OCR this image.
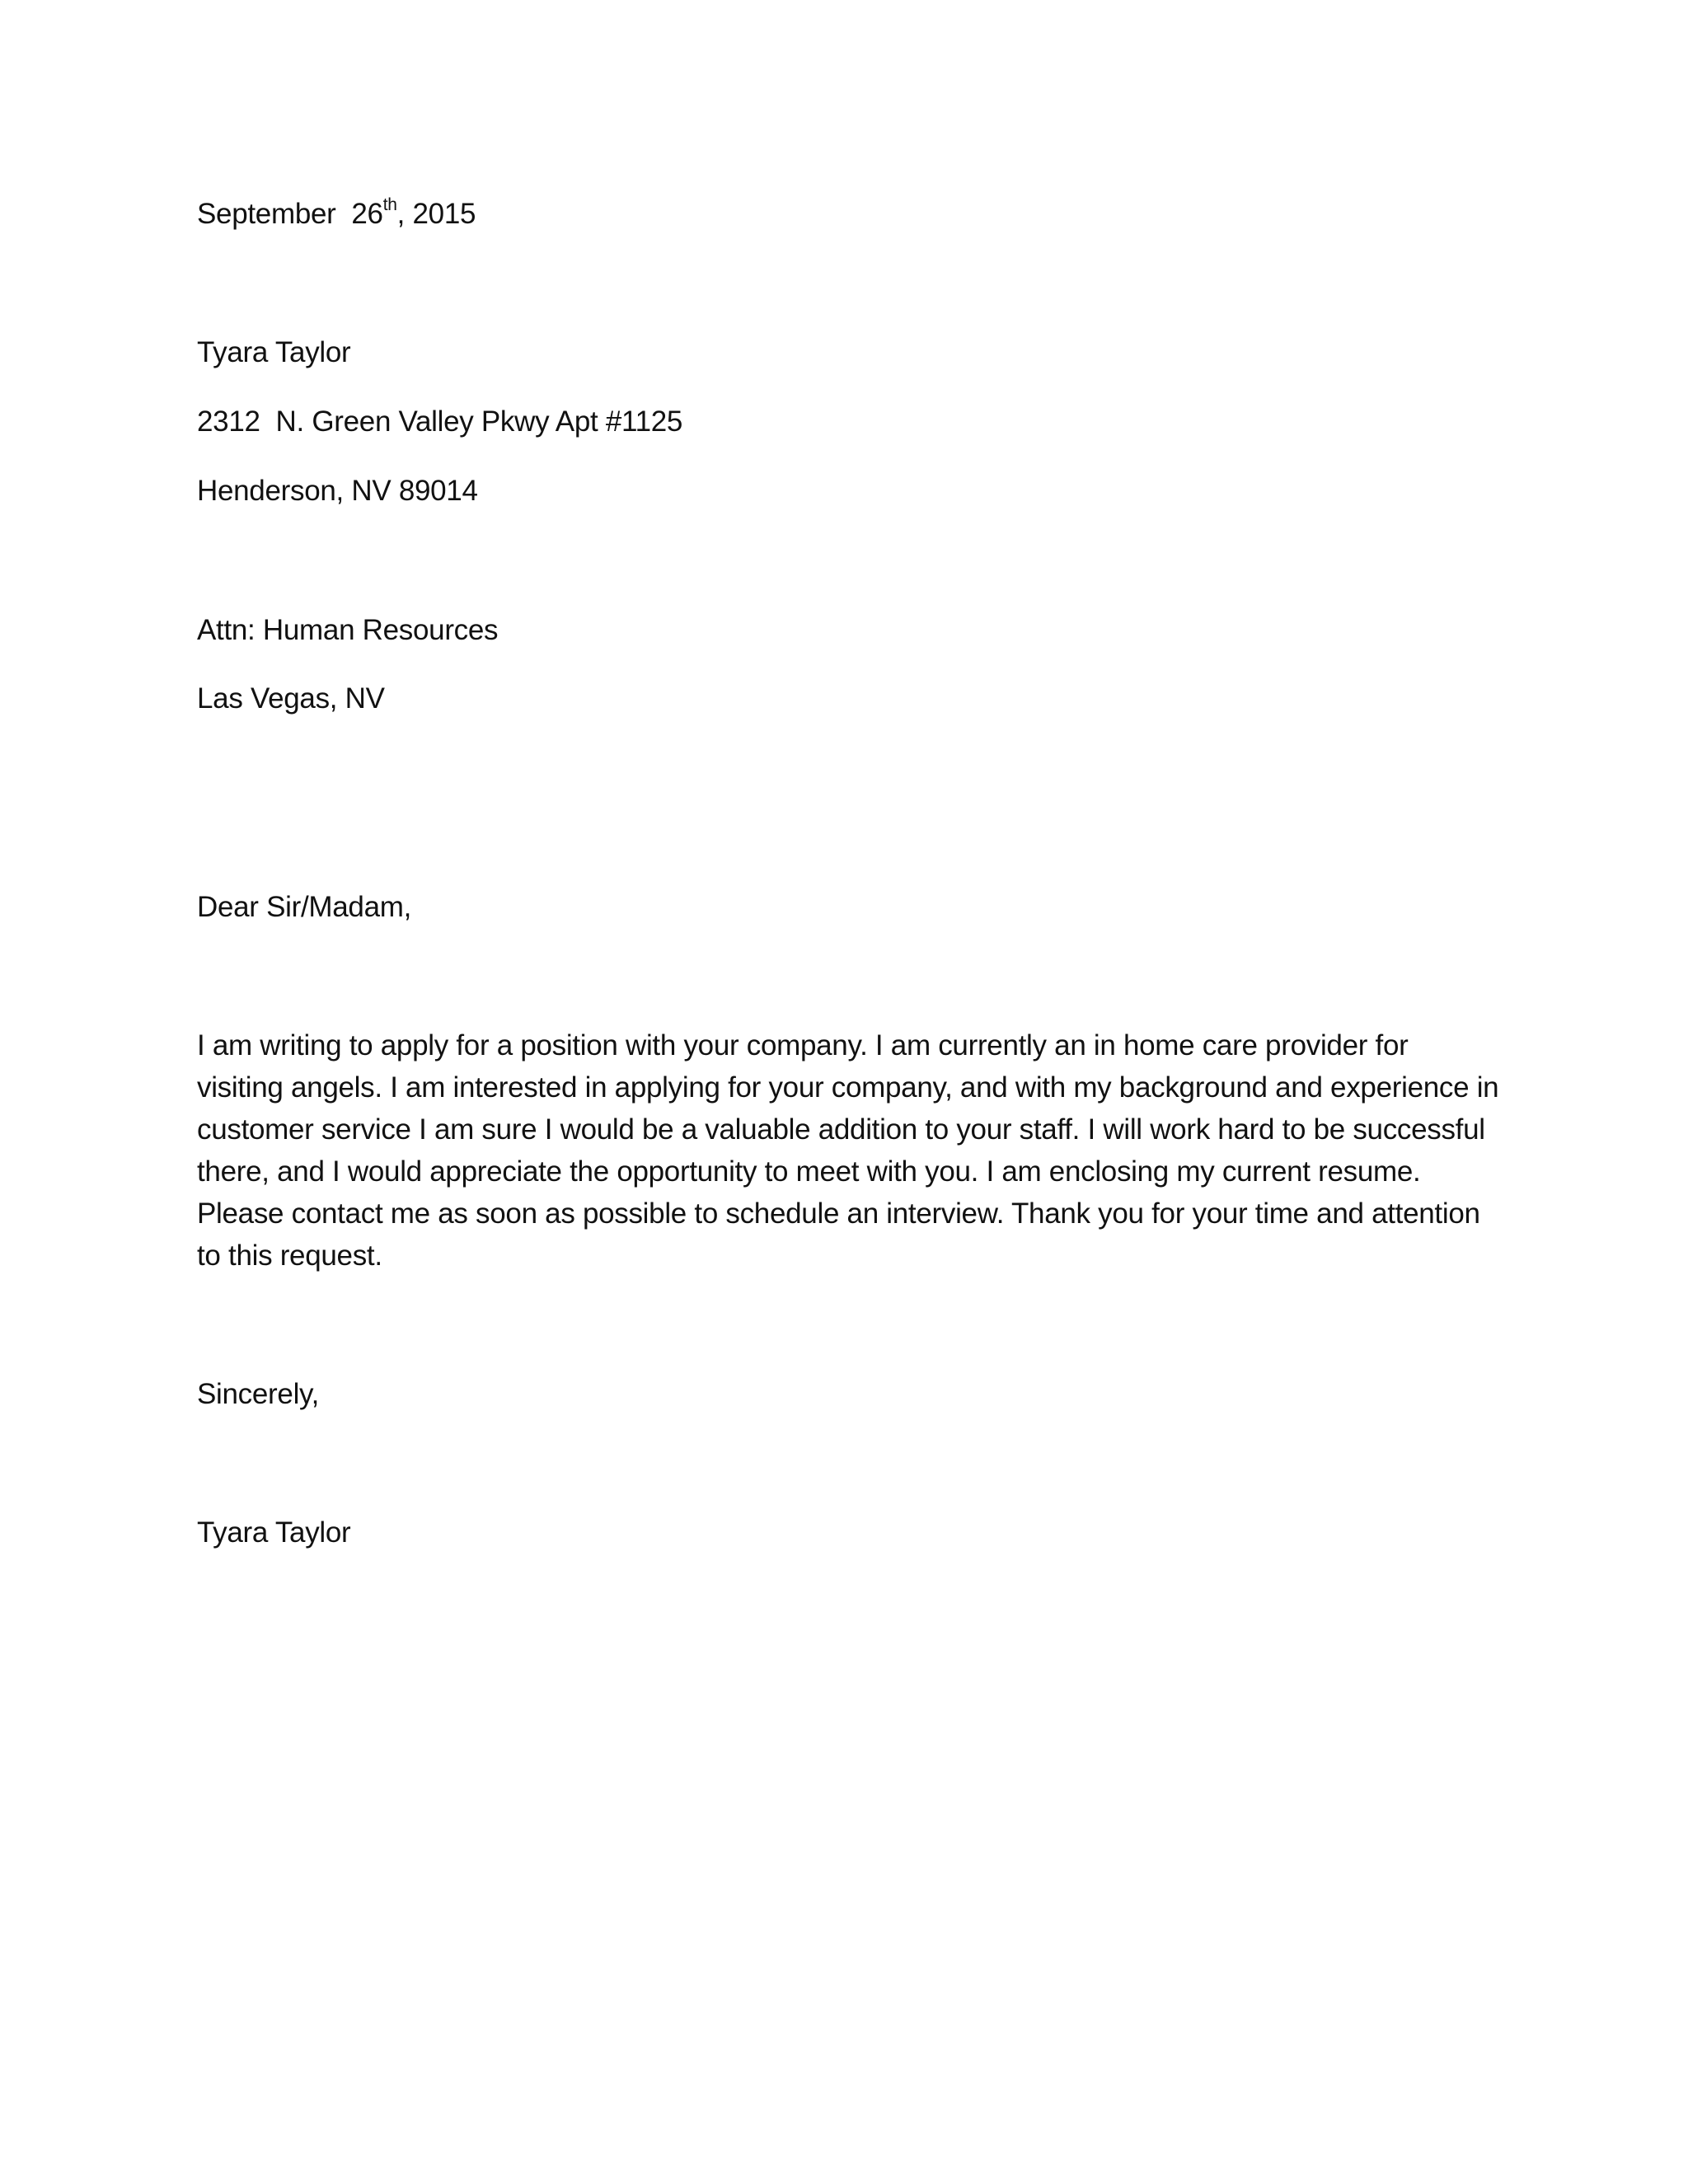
September 26th, 2015
Tyara Taylor
2312  N. Green Valley Pkwy Apt #1125
Henderson, NV 89014
Attn: Human Resources
Las Vegas, NV
Dear Sir/Madam,
I am writing to apply for a position with your company. I am currently an in home care provider for
visiting angels. I am interested in applying for your company, and with my background and experience in
customer service I am sure I would be a valuable addition to your staff. I will work hard to be successful
there, and I would appreciate the opportunity to meet with you. I am enclosing my current resume.
Please contact me as soon as possible to schedule an interview. Thank you for your time and attention
to this request.
Sincerely,
Tyara Taylor
